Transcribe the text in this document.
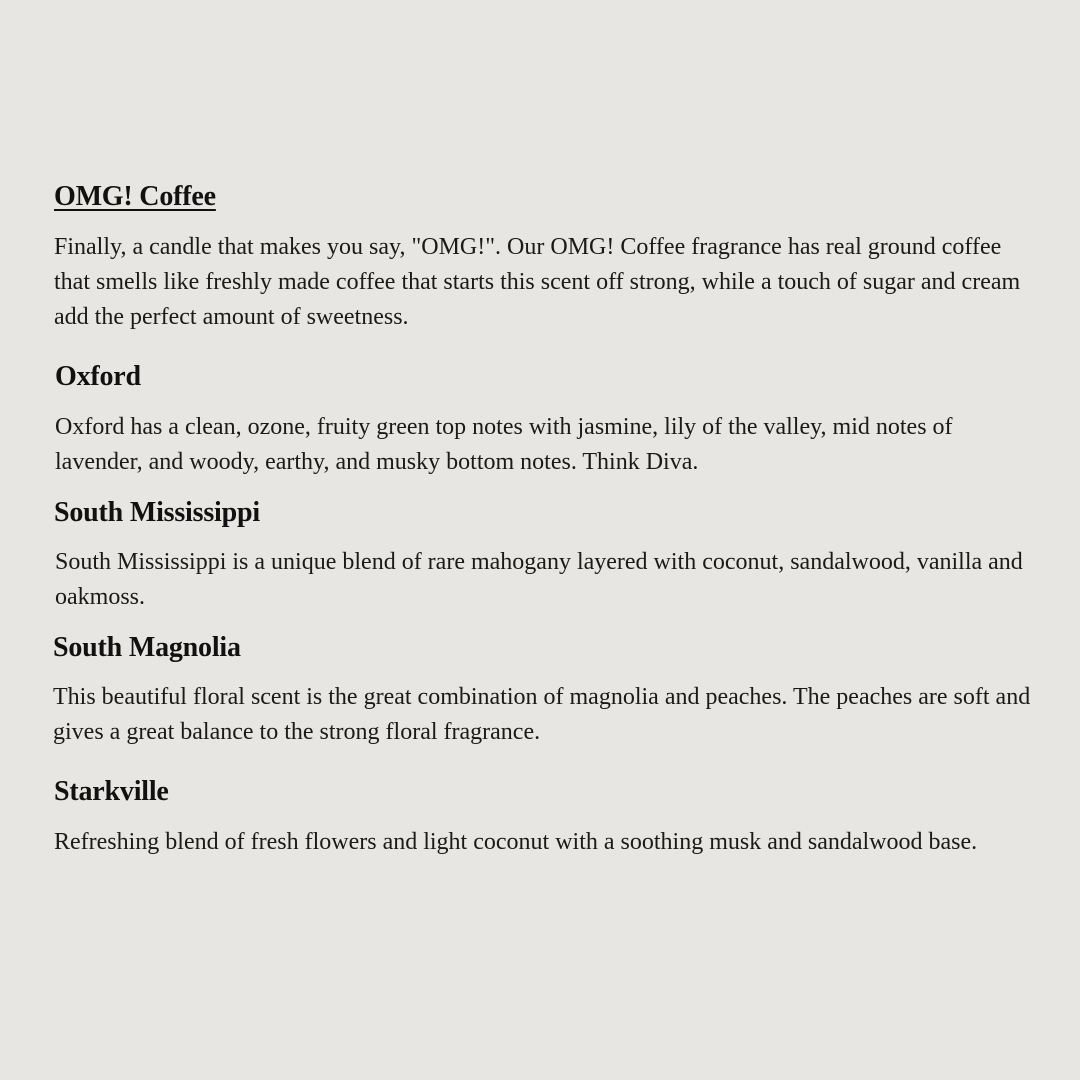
OMG! Coffee

Finally, a candle that makes you say, "OMG!". Our OMG! Coffee fragrance has real ground coffee that smells like freshly made coffee that starts this scent off strong, while a touch of sugar and cream add the perfect amount of sweetness.

Oxford

Oxford has a clean, ozone, fruity green top notes with jasmine, lily of the valley, mid notes of lavender, and woody, earthy, and musky bottom notes. Think Diva.

South Mississippi

South Mississippi is a unique blend of rare mahogany layered with coconut, sandalwood, vanilla and oakmoss.

South Magnolia

This beautiful floral scent is the great combination of magnolia and peaches. The peaches are soft and gives a great balance to the strong floral fragrance.

Starkville

Refreshing blend of fresh flowers and light coconut with a soothing musk and sandalwood base.
